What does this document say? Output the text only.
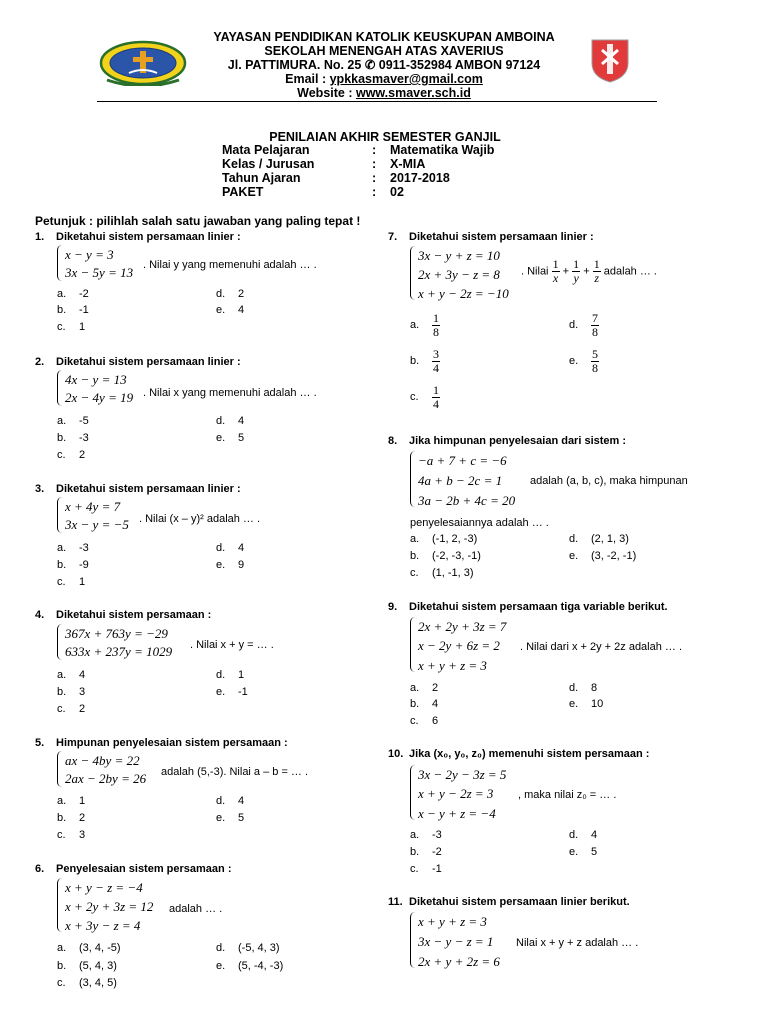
YAYASAN PENDIDIKAN KATOLIK KEUSKUPAN AMBOINA
SEKOLAH MENENGAH ATAS XAVERIUS
Jl. PATTIMURA. No. 25 ✆ 0911-352984 AMBON 97124
Email : ypkkasmaver@gmail.com
Website : www.smaver.sch.id
PENILAIAN AKHIR SEMESTER GANJIL
Mata Pelajaran	: Matematika Wajib
Kelas / Jurusan	: X-MIA
Tahun Ajaran	: 2017-2018
PAKET	: 02
Petunjuk : pilihlah salah satu jawaban yang paling tepat !
1. Diketahui sistem persamaan linier :
x − y = 3
3x − 5y = 13 . Nilai y yang memenuhi adalah … .
a. -2
b. -1
c. 1
d. 2
e. 4
2. Diketahui sistem persamaan linier :
4x − y = 13
2x − 4y = 19 . Nilai x yang memenuhi adalah … .
a. -5
b. -3
c. 2
d. 4
e. 5
3. Diketahui sistem persamaan linier :
x + 4y = 7
3x − y = −5 . Nilai (x – y)² adalah … .
a. -3
b. -9
c. 1
d. 4
e. 9
4. Diketahui sistem persamaan :
367x + 763y = −29
633x + 237y = 1029 . Nilai x + y = … .
a. 4
b. 3
c. 2
d. 1
e. -1
5. Himpunan penyelesaian sistem persamaan :
ax − 4by = 22
2ax − 2by = 26 adalah (5,-3). Nilai a – b = … .
a. 1
b. 2
c. 3
d. 4
e. 5
6. Penyelesaian sistem persamaan :
x + y − z = −4
x + 2y + 3z = 12
x + 3y − z = 4
adalah … .
a. (3, 4, -5)
b. (5, 4, 3)
c. (3, 4, 5)
d. (-5, 4, 3)
e. (5, -4, -3)
7. Diketahui sistem persamaan linier :
3x − y + z = 10
2x + 3y − z = 8
x + y − 2z = −10
. Nilai $\frac{1}{x} + \frac{1}{y} + \frac{1}{z}$ adalah … .
a. $\frac{1}{8}$
b. $\frac{3}{4}$
c. $\frac{1}{4}$
d. $\frac{7}{8}$
e. $\frac{5}{8}$
8. Jika himpunan penyelesaian dari sistem :
−a + 7 + c = −6
4a + b − 2c = 1
3a − 2b + 4c = 20
adalah (a, b, c), maka himpunan
penyelesaiannya adalah … .
a. (-1, 2, -3)
b. (-2, -3, -1)
c. (1, -1, 3)
d. (2, 1, 3)
e. (3, -2, -1)
9. Diketahui sistem persamaan tiga variable berikut.
2x + 2y + 3z = 7
x − 2y + 6z = 2
x + y + z = 3
. Nilai dari x + 2y + 2z adalah … .
a. 2
b. 4
c. 6
d. 8
e. 10
10. Jika (x₀, y₀, z₀) memenuhi sistem persamaan :
3x − 2y − 3z = 5
x + y − 2z = 3
x − y + z = −4
, maka nilai z₀ = … .
a. -3
b. -2
c. -1
d. 4
e. 5
11. Diketahui sistem persamaan linier berikut.
x + y + z = 3
3x − y − z = 1
2x + y + 2z = 6
Nilai x + y + z adalah … .
